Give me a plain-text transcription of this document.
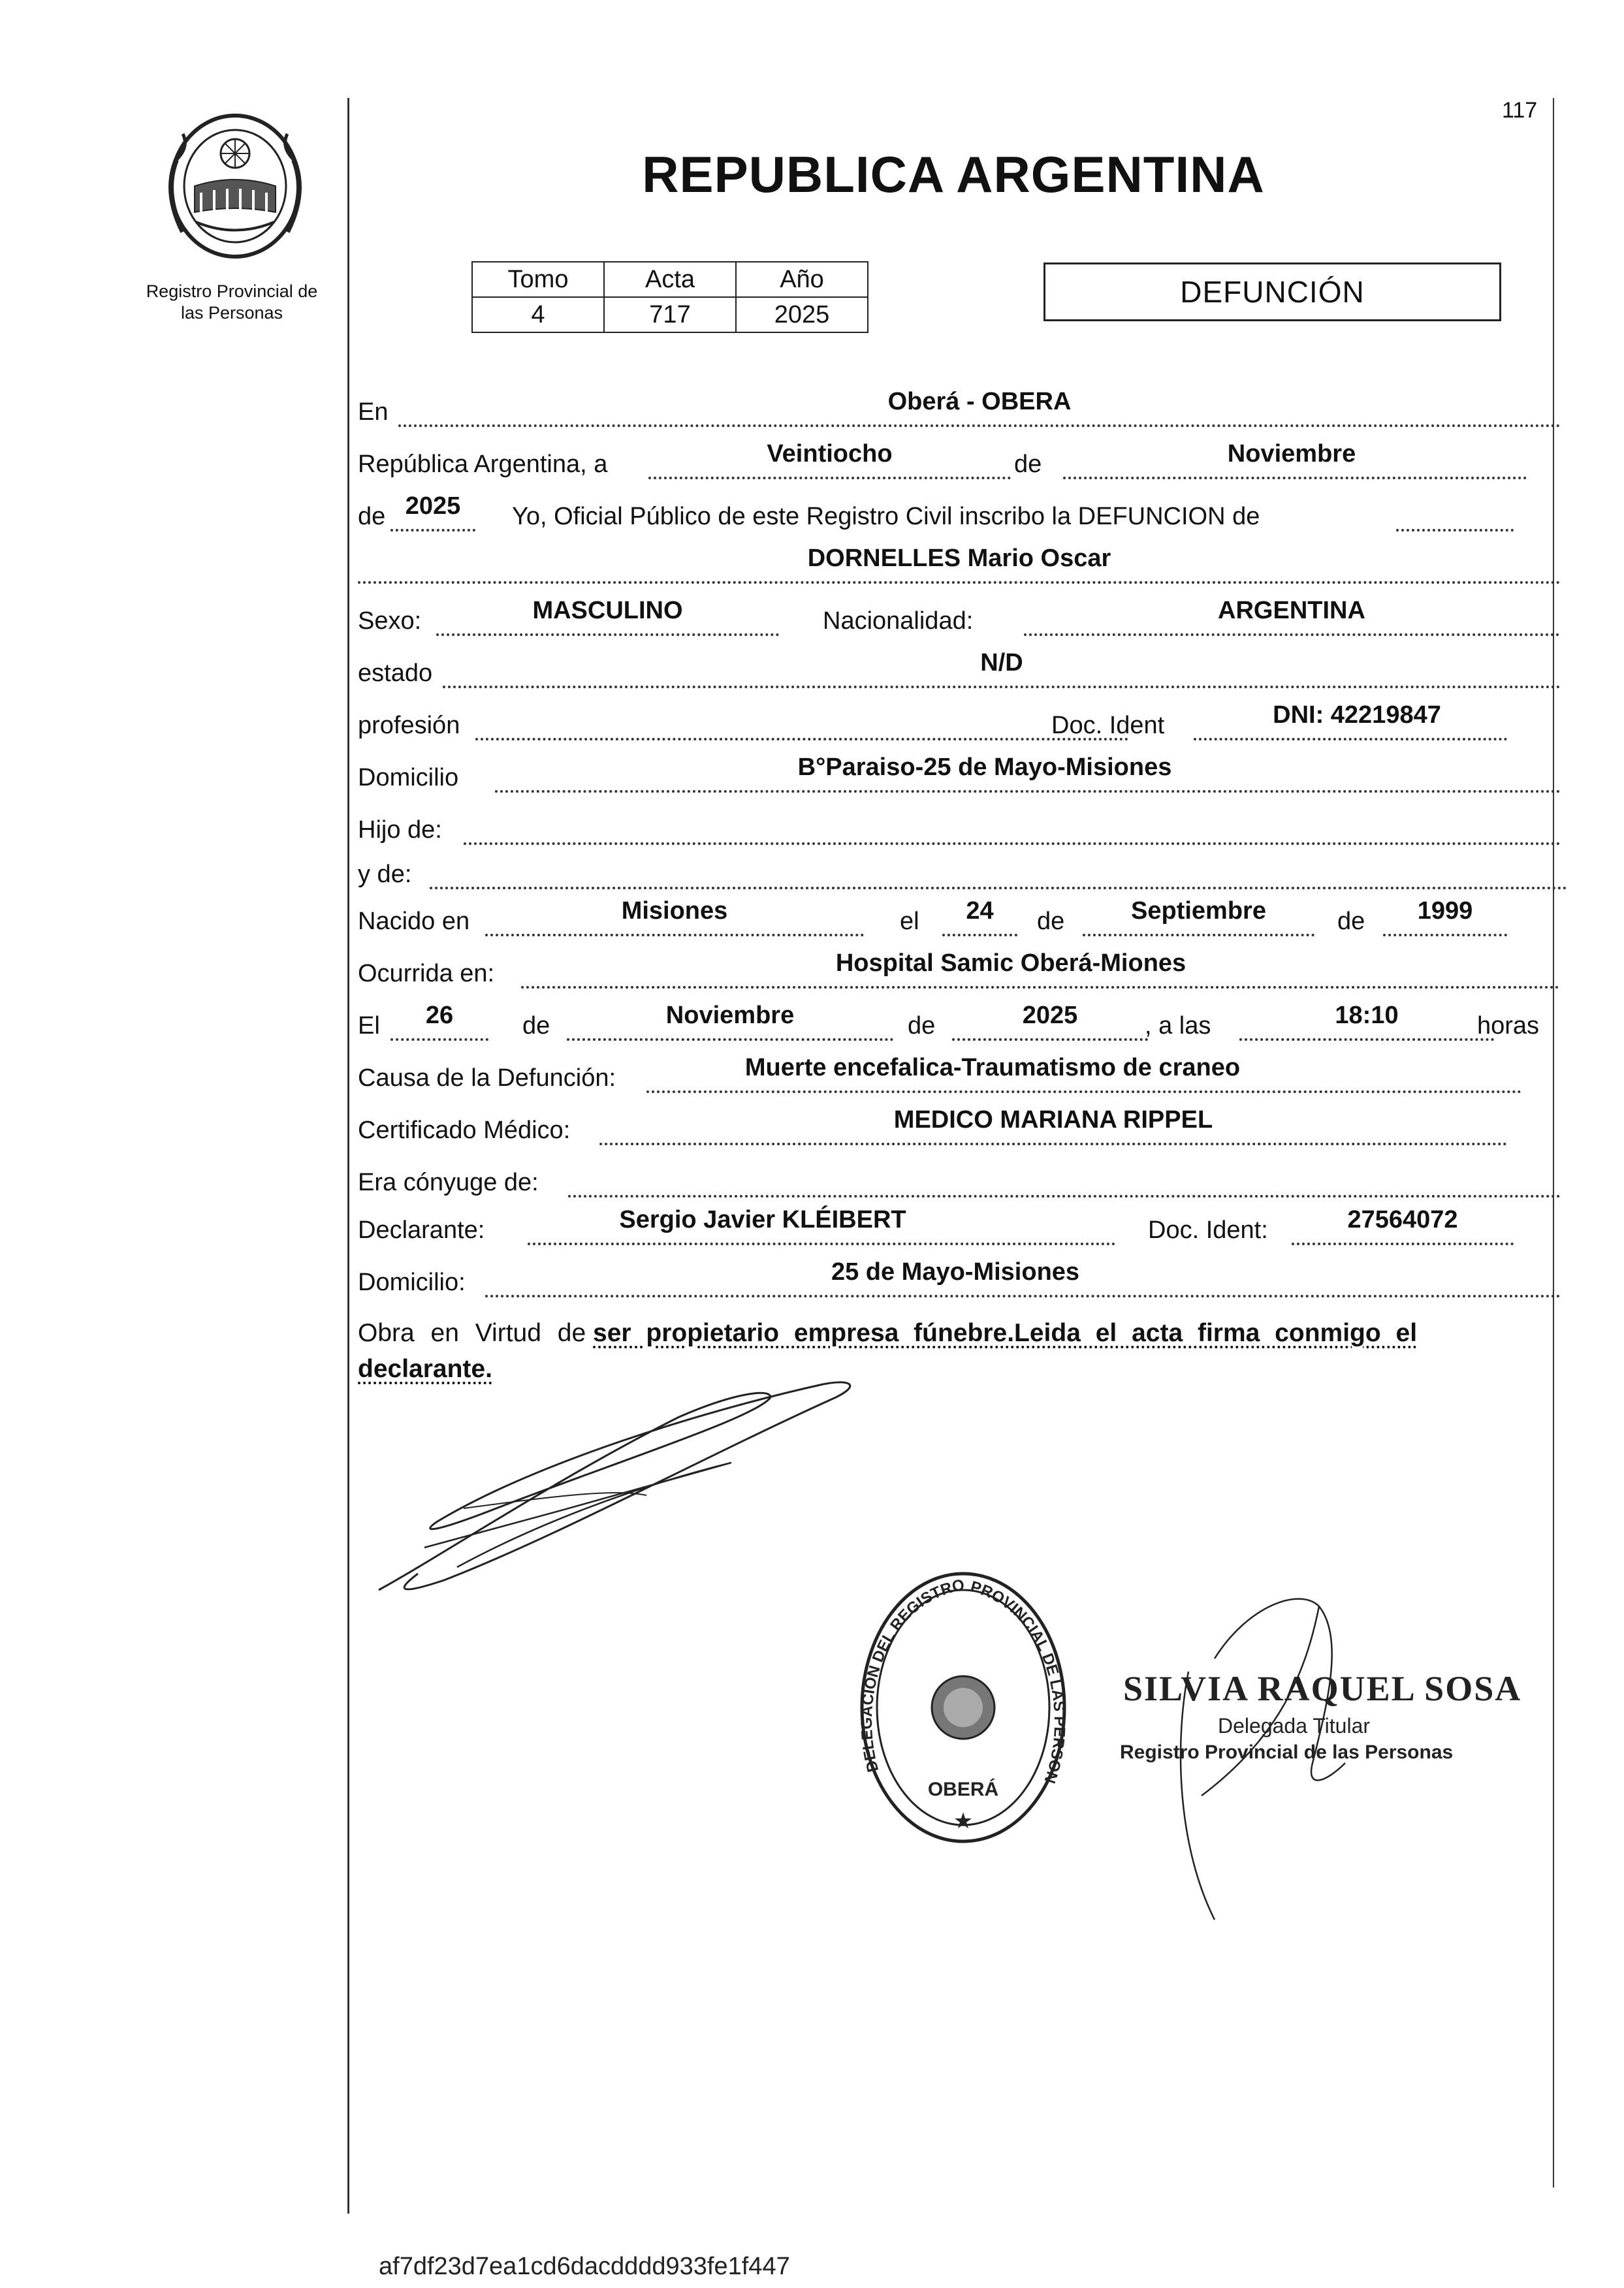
Registro Provincial de
las Personas
117
REPUBLICA ARGENTINA
Tomo	Acta	Año
4	717	2025
DEFUNCIÓN
En	Oberá - OBERA
República Argentina, a	Veintiocho	de	Noviembre
de 2025	Yo, Oficial Público de este Registro Civil inscribo la DEFUNCION de
DORNELLES Mario Oscar
Sexo:	MASCULINO	Nacionalidad:	ARGENTINA
estado	N/D
profesión	Doc. Ident	DNI: 42219847
Domicilio	B°Paraiso-25 de Mayo-Misiones
Hijo de:
y de:
Nacido en	Misiones	el	24	de	Septiembre	de	1999
Ocurrida en:	Hospital Samic Oberá-Miones
El	26	de	Noviembre	de	2025	, a las	18:10	horas
Causa de la Defunción:	Muerte encefalica-Traumatismo de craneo
Certificado Médico:	MEDICO MARIANA RIPPEL
Era cónyuge de:
Declarante:	Sergio Javier KLÉIBERT	Doc. Ident:	27564072
Domicilio:	25 de Mayo-Misiones
Obra en Virtud de ser propietario empresa fúnebre.Leida el acta firma conmigo el
declarante.
DELEGACION DEL REGISTRO PROVINCIAL DE LAS PERSON
OBERÁ
★
SILVIA RAQUEL SOSA
Delegada Titular
Registro Provincial de las Personas
af7df23d7ea1cd6dacdddd933fe1f447
